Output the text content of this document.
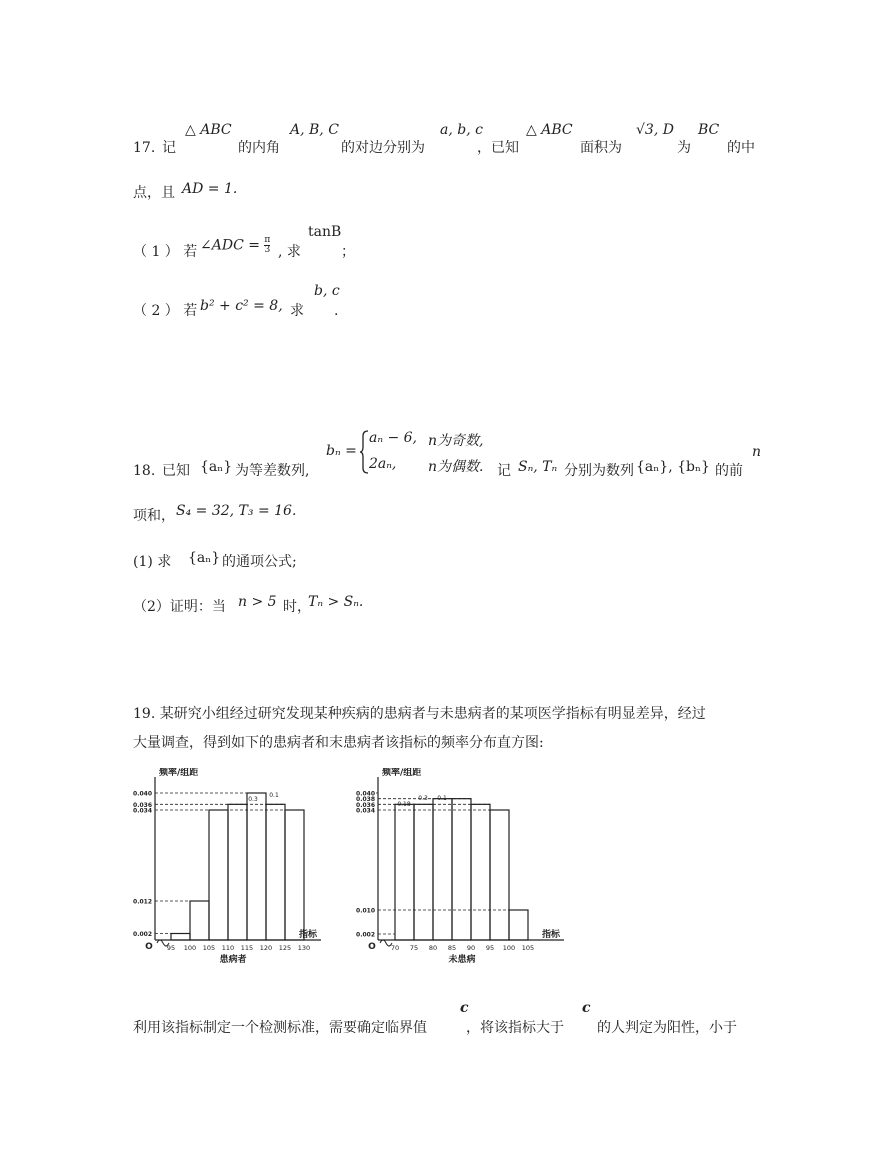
17. 记
△ ABC
的内角
A, B, C
的对边分别为
a, b, c
，已知
△ ABC
面积为
√3, D
为
BC
的中
点，且 AD = 1.
（ 1 ） 若 ∠ADC = $\frac{\pi}{3}$ , 求
tanB
；
（ 2 ） 若 b² + c² = 8, 求
b, c
.
18. 已知 {aₙ} 为等差数列,
bₙ =
aₙ − 6, n为奇数,
2aₙ, n为偶数. 记 Sₙ, Tₙ 分别为数列 {aₙ}, {bₙ} 的前
n
项和， S₄ = 32, T₃ = 16.
(1) 求 {aₙ} 的通项公式;
（2）证明：当 n > 5 时，
Tₙ > Sₙ.
19. 某研究小组经过研究发现某种疾病的患病者与未患病者的某项医学指标有明显差异，经过
大量调查，得到如下的患病者和末患病者该指标的频率分布直方图:
频率/组距
指标
O 95 100 105 110 115 120 125 130
0.040
0.036
0.034
0.012
0.002
0.3
0.1
患病者
频率/组距
指标
O 70 75 80 85 90 95 100 105
0.040
0.038
0.036
0.034
0.010
0.002
0.3 0.1
0.18
未患病
利用该指标制定一个检测标准，需要确定临界值
c
，将该指标大于
c
的人判定为阳性，小于
